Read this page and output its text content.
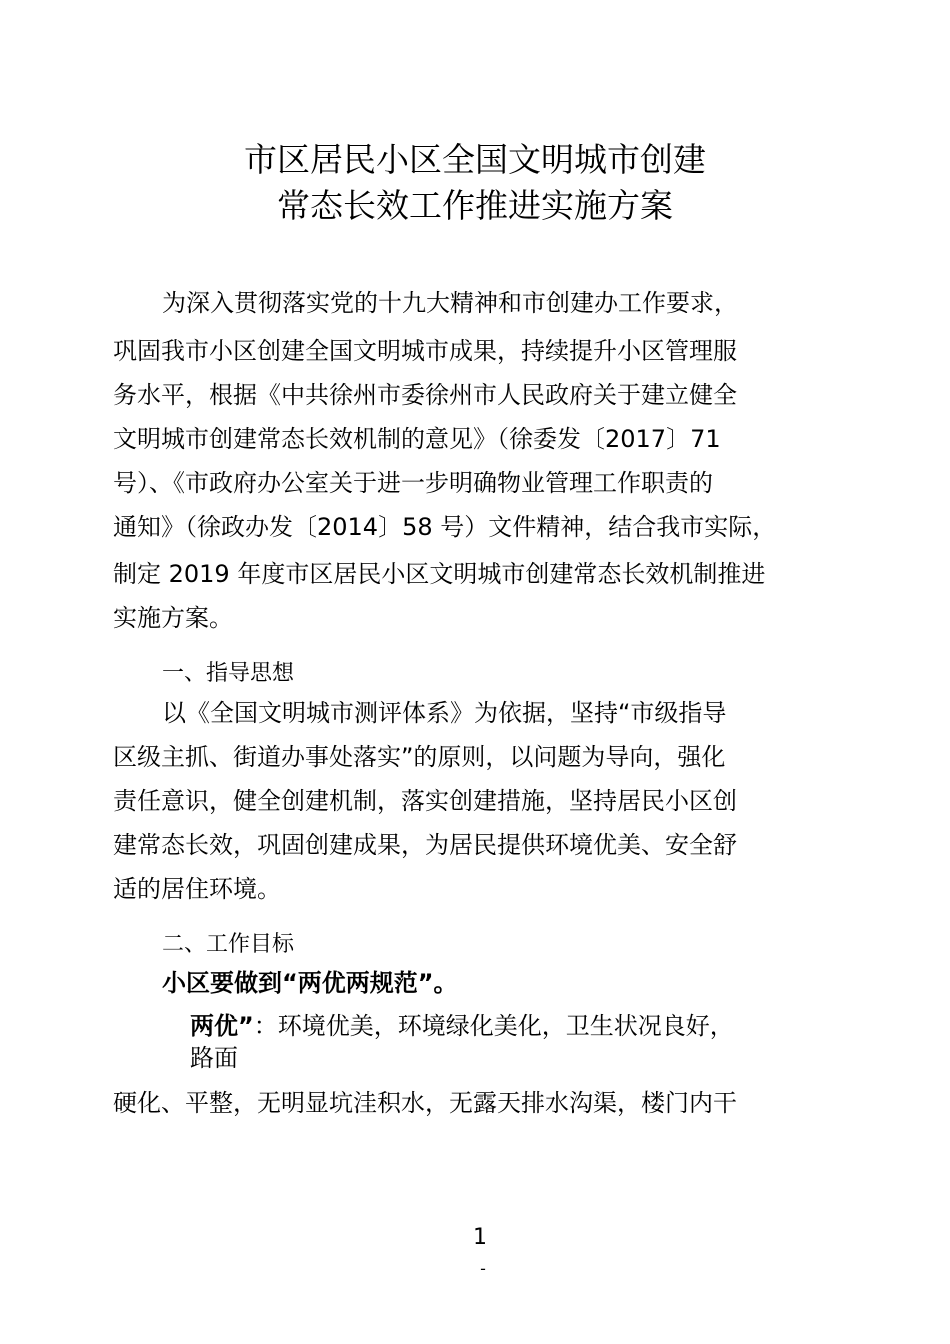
市区居民小区全国文明城市创建
常态长效工作推进实施方案
为深入贯彻落实党的十九大精神和市创建办工作要求，
巩固我市小区创建全国文明城市成果，持续提升小区管理服
务水平，根据《中共徐州市委徐州市人民政府关于建立健全
文明城市创建常态长效机制的意见》（徐委发〔2017〕71
号）、《市政府办公室关于进一步明确物业管理工作职责的
通知》（徐政办发〔2014〕58 号）文件精神，结合我市实际，
制定 2019 年度市区居民小区文明城市创建常态长效机制推进
实施方案。
一、指导思想
以《全国文明城市测评体系》为依据，坚持“市级指导
区级主抓、街道办事处落实”的原则，以问题为导向，强化
责任意识，健全创建机制，落实创建措施，坚持居民小区创
建常态长效，巩固创建成果，为居民提供环境优美、安全舒
适的居住环境。
二、工作目标
小区要做到“两优两规范”。
两优”：环境优美，环境绿化美化，卫生状况良好，
路面
硬化、平整，无明显坑洼积水，无露天排水沟渠，楼门内干
1
-
